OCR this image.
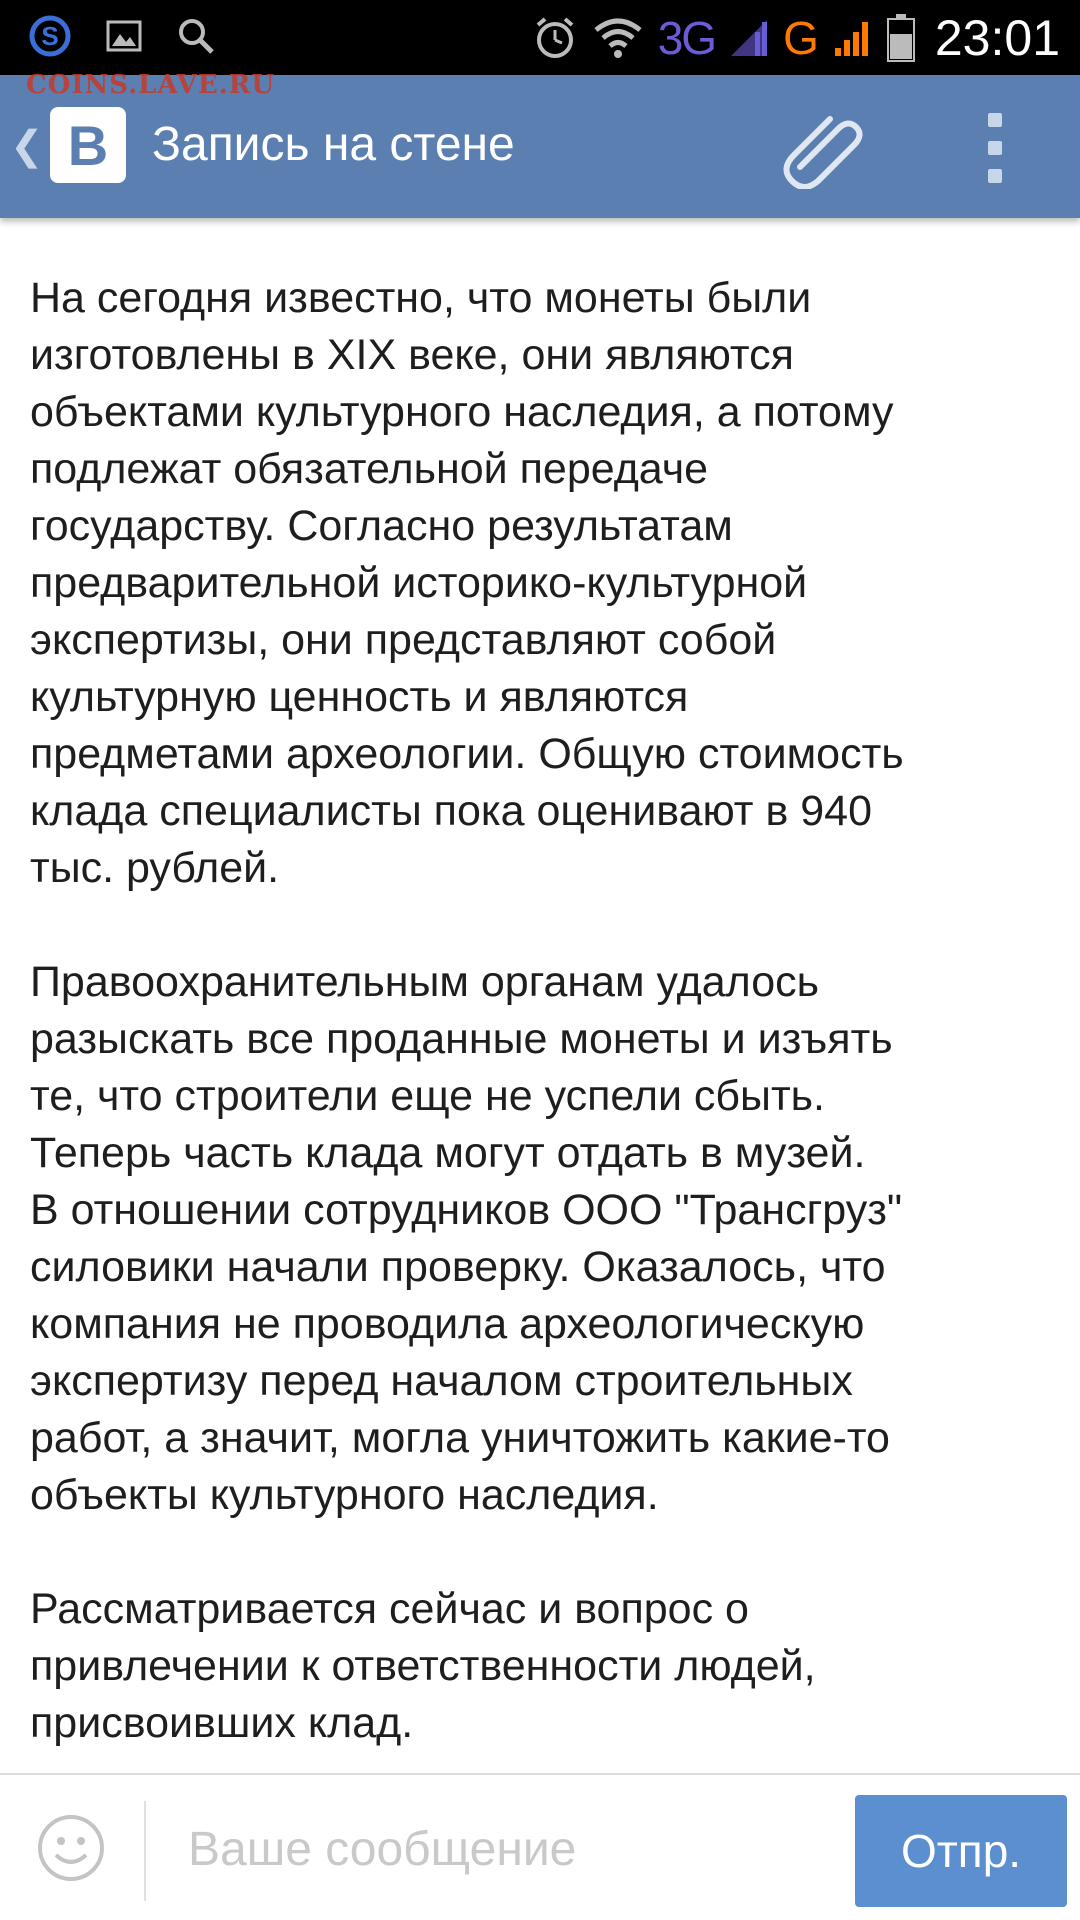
S	3G G 23:01
COINS.LAVE.RU
❮ В Запись на стене

На сегодня известно, что монеты были
изготовлены в XIX веке, они являются
объектами культурного наследия, а потому
подлежат обязательной передаче
государству. Согласно результатам
предварительной историко-культурной
экспертизы, они представляют собой
культурную ценность и являются
предметами археологии. Общую стоимость
клада специалисты пока оценивают в 940
тыс. рублей.

Правоохранительным органам удалось
разыскать все проданные монеты и изъять
те, что строители еще не успели сбыть.
Теперь часть клада могут отдать в музей.
В отношении сотрудников ООО "Трансгруз"
силовики начали проверку. Оказалось, что
компания не проводила археологическую
экспертизу перед началом строительных
работ, а значит, могла уничтожить какие-то
объекты культурного наследия.

Рассматривается сейчас и вопрос о
привлечении к ответственности людей,
присвоивших клад.

Ваше сообщение
Отпр.
